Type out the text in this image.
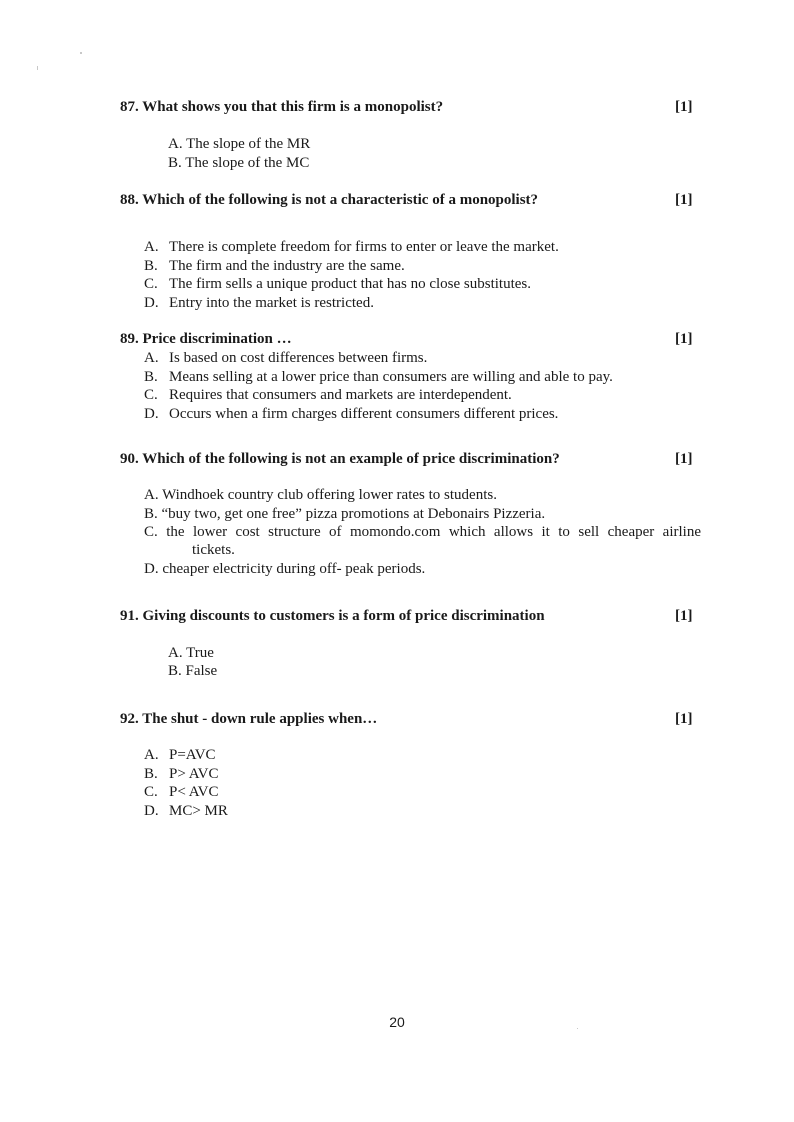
87. What shows you that this firm is a monopolist?	[1]
A. The slope of the MR
B. The slope of the MC
88. Which of the following is not a characteristic of a monopolist?	[1]
A. There is complete freedom for firms to enter or leave the market.
B. The firm and the industry are the same.
C. The firm sells a unique product that has no close substitutes.
D. Entry into the market is restricted.
89. Price discrimination …	[1]
A. Is based on cost differences between firms.
B. Means selling at a lower price than consumers are willing and able to pay.
C. Requires that consumers and markets are interdependent.
D. Occurs when a firm charges different consumers different prices.
90. Which of the following is not an example of price discrimination?	[1]
A. Windhoek country club offering lower rates to students.
B. “buy two, get one free” pizza promotions at Debonairs Pizzeria.
C. the lower cost structure of momondo.com which allows it to sell cheaper airline
tickets.
D. cheaper electricity during off- peak periods.
91. Giving discounts to customers is a form of price discrimination	[1]
A. True
B. False
92. The shut - down rule applies when…	[1]
A. P=AVC
B. P> AVC
C. P< AVC
D. MC> MR
20
